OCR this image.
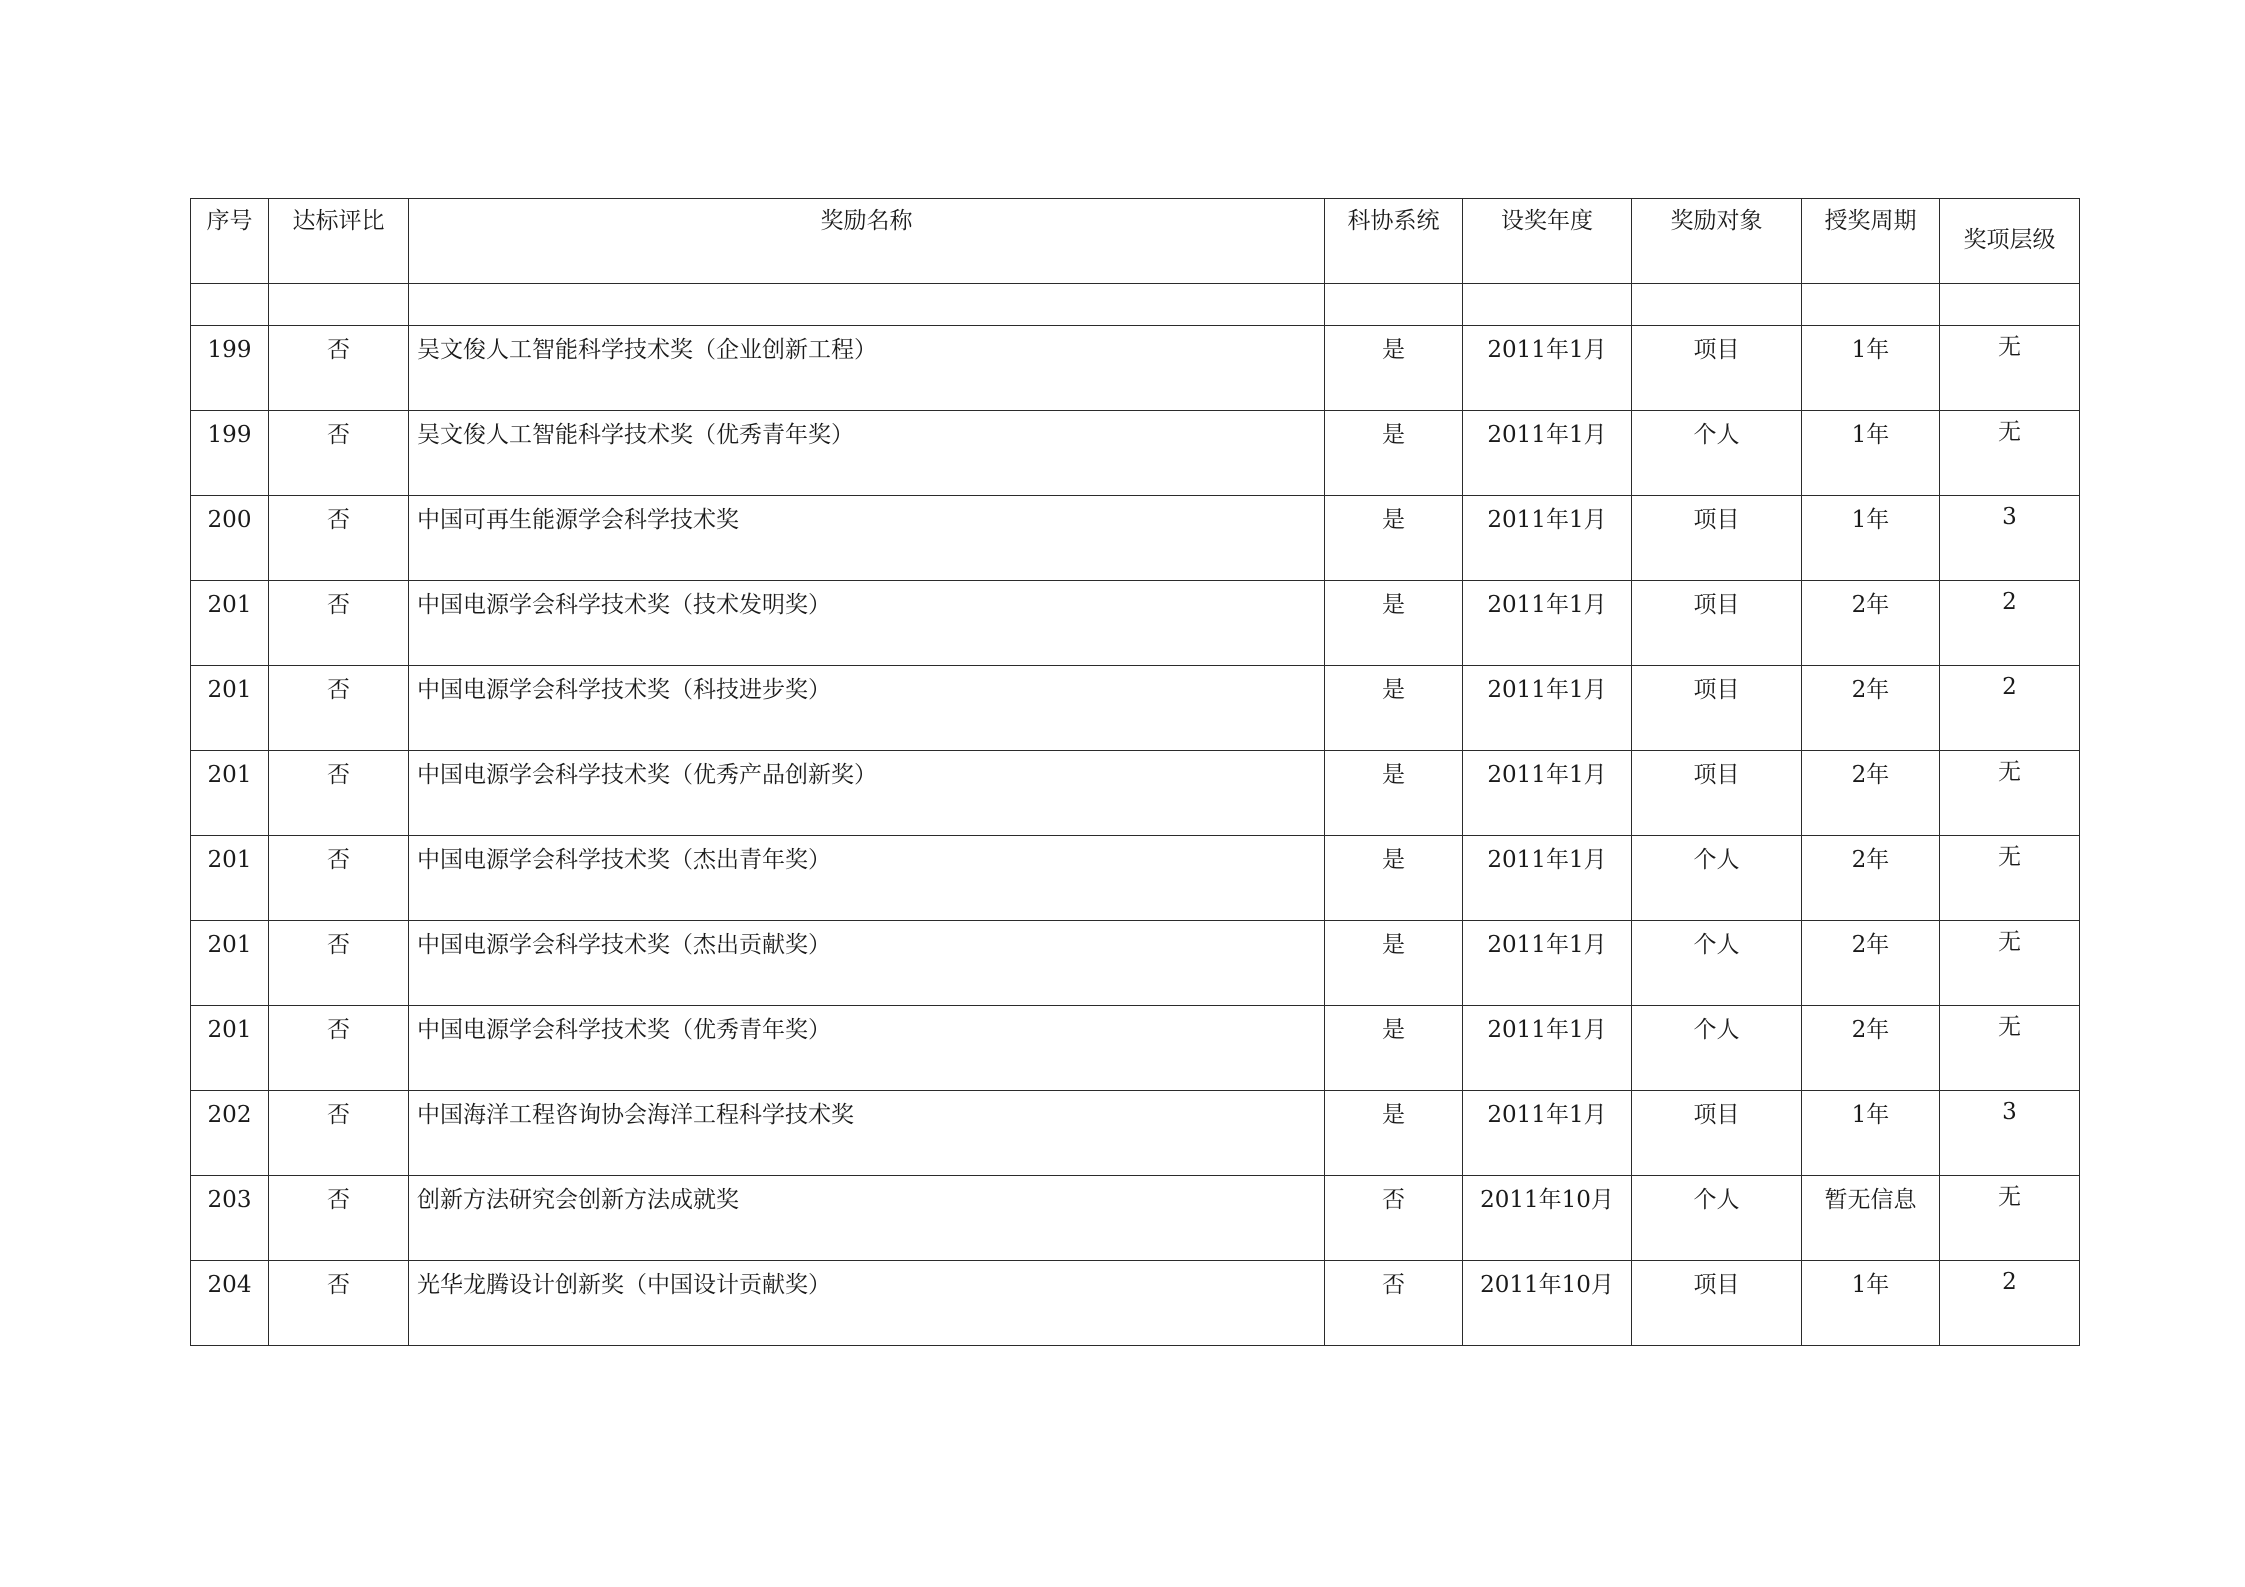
序号	达标评比	奖励名称	科协系统	设奖年度	奖励对象	授奖周期	奖项层级

199	否	吴文俊人工智能科学技术奖（企业创新工程）	是	2011年1月	项目	1年	无

199	否	吴文俊人工智能科学技术奖（优秀青年奖）	是	2011年1月	个人	1年	无

200	否	中国可再生能源学会科学技术奖	是	2011年1月	项目	1年	3

201	否	中国电源学会科学技术奖（技术发明奖）	是	2011年1月	项目	2年	2

201	否	中国电源学会科学技术奖（科技进步奖）	是	2011年1月	项目	2年	2

201	否	中国电源学会科学技术奖（优秀产品创新奖）	是	2011年1月	项目	2年	无

201	否	中国电源学会科学技术奖（杰出青年奖）	是	2011年1月	个人	2年	无

201	否	中国电源学会科学技术奖（杰出贡献奖）	是	2011年1月	个人	2年	无

201	否	中国电源学会科学技术奖（优秀青年奖）	是	2011年1月	个人	2年	无

202	否	中国海洋工程咨询协会海洋工程科学技术奖	是	2011年1月	项目	1年	3

203	否	创新方法研究会创新方法成就奖	否	2011年10月	个人	暂无信息	无

204	否	光华龙腾设计创新奖（中国设计贡献奖）	否	2011年10月	项目	1年	2
